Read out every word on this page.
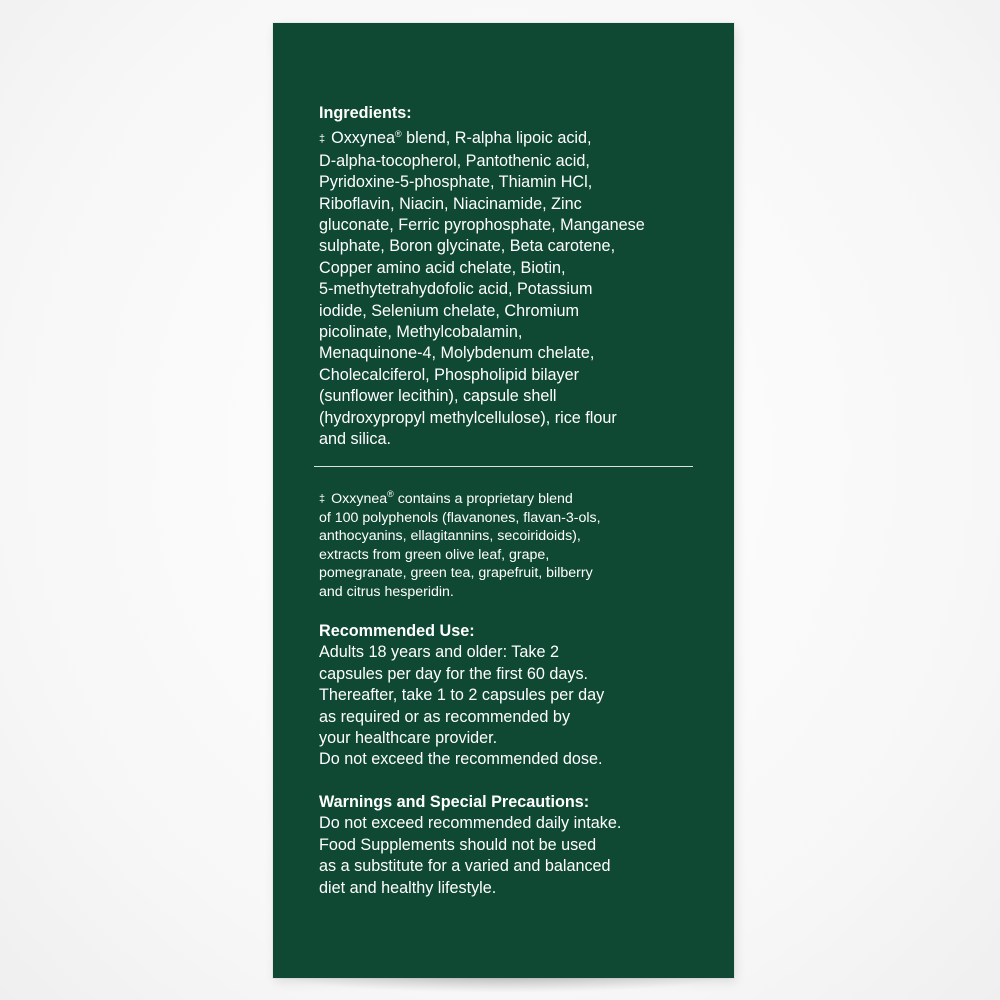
Ingredients:
‡ Oxxynea® blend, R-alpha lipoic acid,
D-alpha-tocopherol, Pantothenic acid,
Pyridoxine-5-phosphate, Thiamin HCl,
Riboflavin, Niacin, Niacinamide, Zinc
gluconate, Ferric pyrophosphate, Manganese
sulphate, Boron glycinate, Beta carotene,
Copper amino acid chelate, Biotin,
5-methytetrahydofolic acid, Potassium
iodide, Selenium chelate, Chromium
picolinate, Methylcobalamin,
Menaquinone-4, Molybdenum chelate,
Cholecalciferol, Phospholipid bilayer
(sunflower lecithin), capsule shell
(hydroxypropyl methylcellulose), rice flour
and silica.
‡ Oxxynea® contains a proprietary blend
of 100 polyphenols (flavanones, flavan-3-ols,
anthocyanins, ellagitannins, secoiridoids),
extracts from green olive leaf, grape,
pomegranate, green tea, grapefruit, bilberry
and citrus hesperidin.
Recommended Use:
Adults 18 years and older: Take 2
capsules per day for the first 60 days.
Thereafter, take 1 to 2 capsules per day
as required or as recommended by
your healthcare provider.
Do not exceed the recommended dose.
Warnings and Special Precautions:
Do not exceed recommended daily intake.
Food Supplements should not be used
as a substitute for a varied and balanced
diet and healthy lifestyle.
